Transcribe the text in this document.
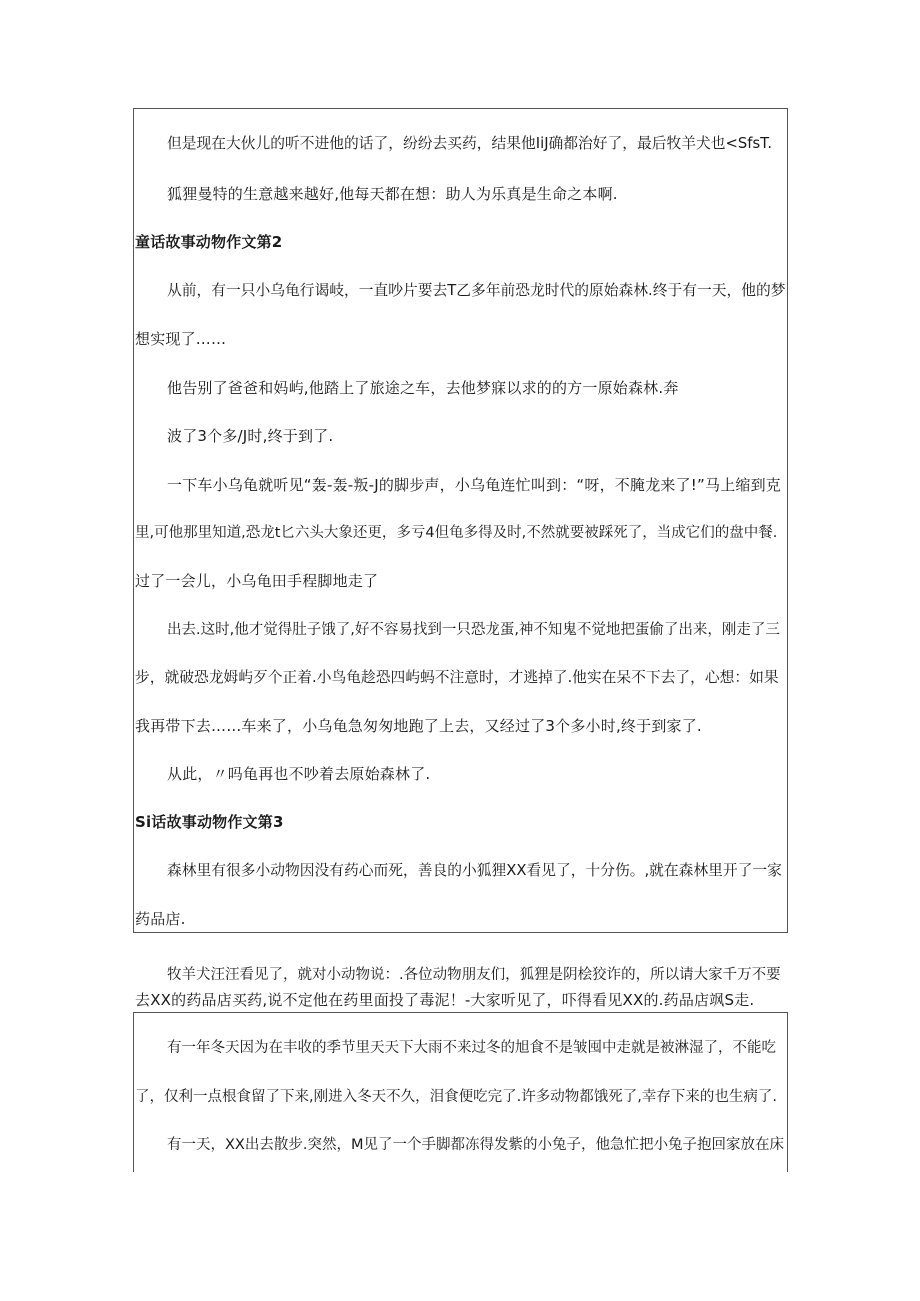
但是现在大伙儿的听不进他的话了，纷纷去买药，结果他IiJ确都治好了，最后牧羊犬也<SfsT.
狐狸曼特的生意越来越好,他每天都在想：助人为乐真是生命之本啊.
童话故事动物作文第2
从前，有一只小乌龟行谒岐，一直吵片要去T乙多年前恐龙时代的原始森林.终于有一天，他的梦
想实现了……
他告别了爸爸和妈屿,他踏上了旅途之车，去他梦寐以求的的方一原始森林.奔
波了3个多/J时,终于到了.
一下车小乌龟就听见“轰-轰-叛-J的脚步声，小乌龟连忙叫到：“呀，不腌龙来了!”马上缩到克
里,可他那里知道,恐龙t匕六头大象还更，多亏4但龟多得及时,不然就要被踩死了，当成它们的盘中餐.
过了一会儿，小乌龟田手程脚地走了
出去.这时,他才觉得肚子饿了,好不容易找到一只恐龙蛋,神不知鬼不觉地把蛋偷了出来，刚走了三
步，就破恐龙姆屿歹个正着.小鸟龟趁恐四屿蚂不注意时，才逃掉了.他实在呆不下去了，心想：如果
我再带下去……车来了，小乌龟急匆匆地跑了上去，又经过了3个多小时,终于到家了.
从此，〃吗龟再也不吵着去原始森林了.
Si话故事动物作文第3
森林里有很多小动物因没有药心而死，善良的小狐狸XX看见了，十分伤。,就在森林里开了一家
药品店.
牧羊犬汪汪看见了，就对小动物说：.各位动物朋友们，狐狸是阴桧狡诈的，所以请大家千万不要
去XX的药品店买药,说不定他在药里面投了毒泥！-大家听见了，吓得看见XX的.药品店飒S走.
有一年冬天因为在丰收的季节里天天下大雨不来过冬的旭食不是皱囤中走就是被淋湿了，不能吃
了，仅利一点根食留了下来,刚进入冬天不久，泪食便吃完了.许多动物都饿死了,幸存下来的也生病了.
有一天，XX出去散步.突然，M见了一个手脚都冻得发紫的小兔子，他急忙把小兔子抱回家放在床
